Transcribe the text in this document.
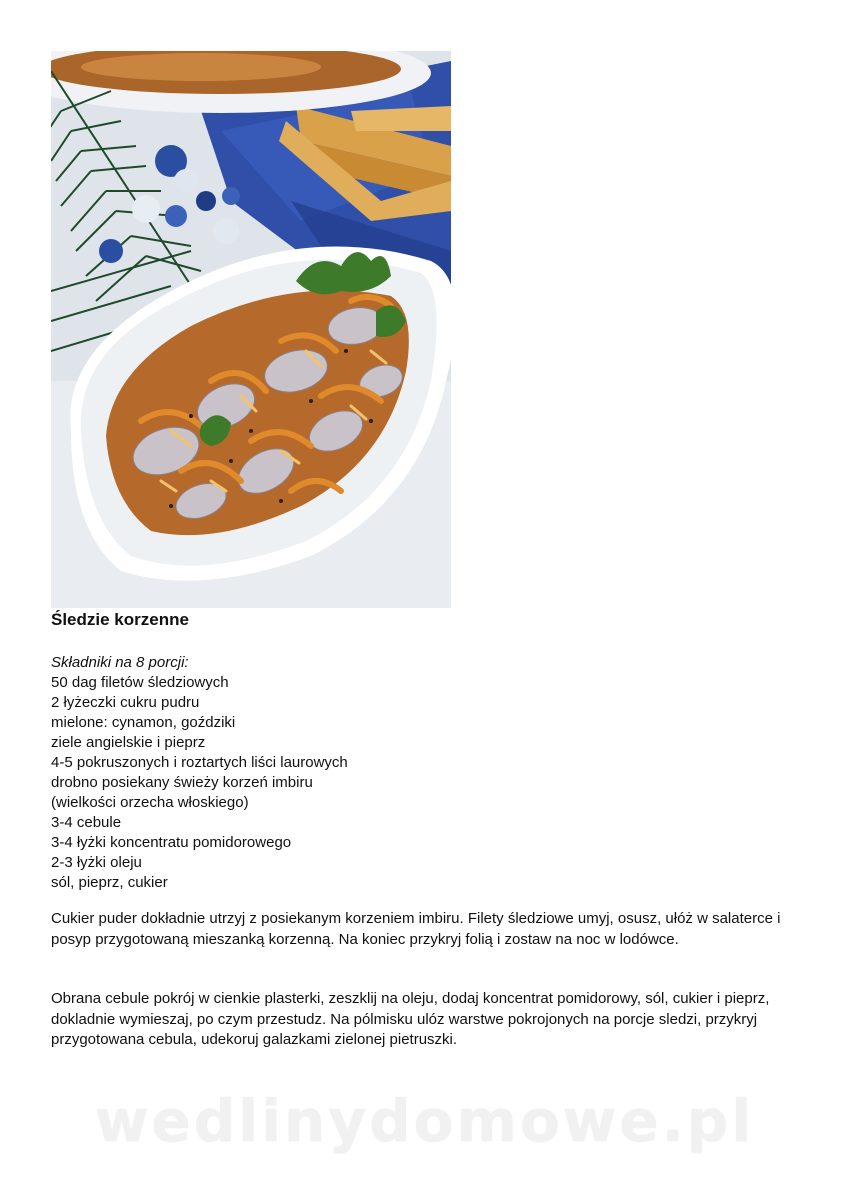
Śledzie korzenne
Składniki na 8 porcji:
50 dag filetów śledziowych
2 łyżeczki cukru pudru
mielone: cynamon, goździki
ziele angielskie i pieprz
4-5 pokruszonych i roztartych liści laurowych
drobno posiekany świeży korzeń imbiru
(wielkości orzecha włoskiego)
3-4 cebule
3-4 łyżki koncentratu pomidorowego
2-3 łyżki oleju
sól, pieprz, cukier
Cukier puder dokładnie utrzyj z posiekanym korzeniem imbiru. Filety śledziowe umyj, osusz, ułóż w salaterce i posyp przygotowaną mieszanką korzenną. Na koniec przykryj folią i zostaw na noc w lodówce.
Obrana cebule pokrój w cienkie plasterki, zeszklij na oleju, dodaj koncentrat pomidorowy, sól, cukier i pieprz, dokladnie wymieszaj, po czym przestudz. Na pólmisku ulóz warstwe pokrojonych na porcje sledzi, przykryj przygotowana cebula, udekoruj galazkami zielonej pietruszki.
wedlinydomowe.pl
